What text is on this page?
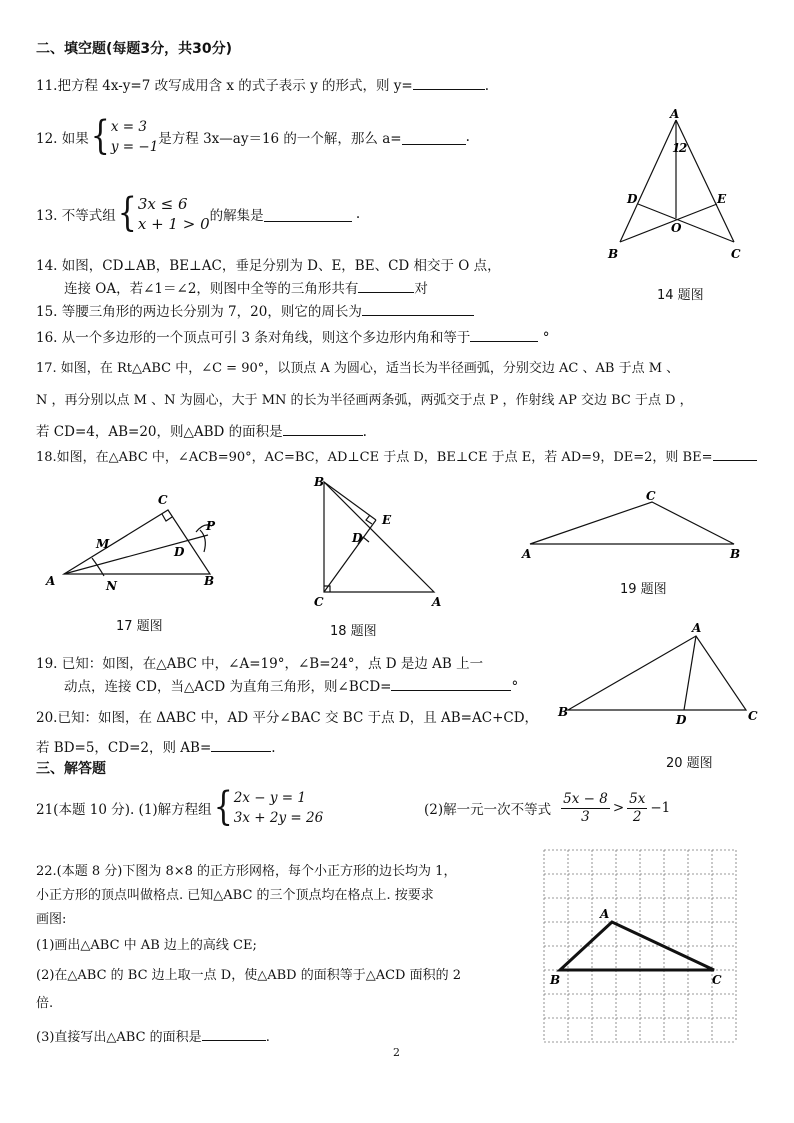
二、填空题(每题3分，共30分)
11.把方程 4x-y=7 改写成用含 x 的式子表示 y 的形式，则 y=	.
12. 如果 { x = 3
y = −1 是方程 3x—ay＝16 的一个解，那么 a=	.
13. 不等式组 { 3x ≤ 6
x + 1 > 0 的解集是	.
14. 如图，CD⊥AB，BE⊥AC，垂足分别为 D、E，BE、CD 相交于 O 点，
连接 OA，若∠1＝∠2，则图中全等的三角形共有	对
15. 等腰三角形的两边长分别为 7，20，则它的周长为
16. 从一个多边形的一个顶点可引 3 条对角线，则这个多边形内角和等于	°
17. 如图，在 Rt△ABC 中，∠C = 90°，以顶点 A 为圆心，适当长为半径画弧，分别交边 AC 、AB 于点 M 、
N ，再分别以点 M 、N 为圆心，大于 MN 的长为半径画两条弧，两弧交于点 P ，作射线 AP 交边 BC 于点 D ，
若 CD=4，AB=20，则△ABD 的面积是	.
18.如图，在△ABC 中，∠ACB=90°，AC=BC，AD⊥CE 于点 D，BE⊥CE 于点 E，若 AD=9，DE=2，则 BE=
A
1
2
D	E
O
B	C
14 题图
A	B
C
D
M
N
P
17 题图
B
E
D
C	A
18 题图
A
C
B
19 题图
19. 已知：如图，在△ABC 中，∠A=19°，∠B=24°，点 D 是边 AB 上一
动点，连接 CD，当△ACD 为直角三角形，则∠BCD=	°
20.已知：如图，在 ΔABC 中，AD 平分∠BAC 交 BC 于点 D，且 AB=AC+CD，
若 BD=5，CD=2，则 AB=	.
A
B
D	C
20 题图
三、解答题
21(本题 10 分). (1)解方程组 { 2x − y = 1
3x + 2y = 26	(2)解一元一次不等式 $\frac{5x - 8}{3} > \frac{5x}{2} -1$
22.(本题 8 分)下图为 8×8 的正方形网格，每个小正方形的边长均为 1，
小正方形的顶点叫做格点. 已知△ABC 的三个顶点均在格点上. 按要求
画图:
(1)画出△ABC 中 AB 边上的高线 CE;
(2)在△ABC 的 BC 边上取一点 D，使△ABD 的面积等于△ACD 面积的 2
倍.
(3)直接写出△ABC 的面积是	.
A
B	C
2
